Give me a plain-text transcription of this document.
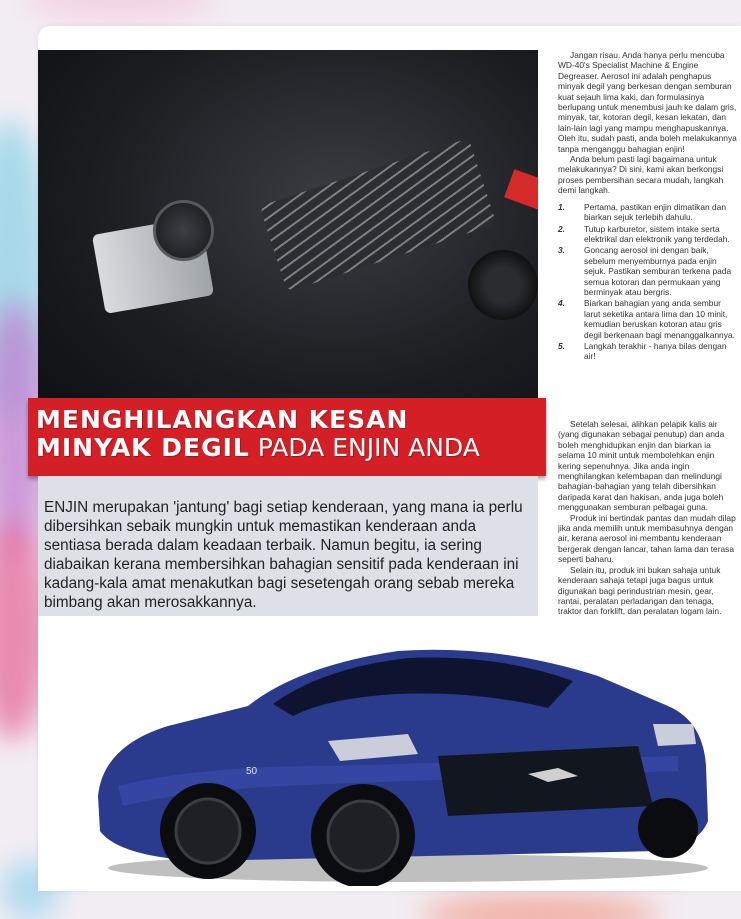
Jangan risau. Anda hanya perlu mencuba WD-40's Specialist Machine & Engine Degreaser. Aerosol ini adalah penghapus minyak degil yang berkesan dengan semburan kuat sejauh lima kaki, dan formulasinya berlupang untuk menembusi jauh ke dalam gris, minyak, tar, kotoran degil, kesan lekatan, dan lain-lain lagi yang mampu menghapuskannya. Oleh itu, sudah pasti, anda boleh melakukannya tanpa menganggu bahagian enjin!

Anda belum pasti lagi bagaimana untuk melakukannya? Di sini, kami akan berkongsi proses pembersihan secara mudah, langkah demi langkah.

1.	Pertama, pastikan enjin dimatikan dan biarkan sejuk terlebih dahulu.
2.	Tutup karburetor, sistem intake serta elektrikal dan elektronik yang terdedah.
3.	Goncang aerosol ini dengan baik, sebelum menyemburnya pada enjin sejuk. Pastikan semburan terkena pada semua kotoran dan permukaan yang berminyak atau bergris.
4.	Biarkan bahagian yang anda sembur larut seketika antara lima dan 10 minit, kemudian beruskan kotoran atau gris degil berkenaan bagi menanggalkannya.
5.	Langkah terakhir - hanya bilas dengan air!

Setelah selesai, alihkan pelapik kalis air (yang digunakan sebagai penutup) dan anda boleh menghidupkan enjin dan biarkan ia selama 10 minit untuk membolehkan enjin kering sepenuhnya. Jika anda ingin menghilangkan kelembapan dan melindungi bahagian-bahagian yang telah dibersihkan daripada karat dan hakisan, anda juga boleh menggunakan semburan pelbagai guna.

Produk ini bertindak pantas dan mudah dilap jika anda memilih untuk membasuhnya dengan air, kerana aerosol ini membantu kenderaan bergerak dengan lancar, tahan lama dan terasa seperti baharu.

Selain itu, produk ini bukan sahaja untuk kenderaan sahaja tetapi juga bagus untuk digunakan bagi perindustrian mesin, gear, rantai, peralatan perladangan dan tenaga, traktor dan forklift, dan peralatan logam lain.

MENGHILANGKAN KESAN
MINYAK DEGIL PADA ENJIN ANDA

ENJIN merupakan 'jantung' bagi setiap kenderaan, yang mana ia perlu dibersihkan sebaik mungkin untuk memastikan kenderaan anda sentiasa berada dalam keadaan terbaik. Namun begitu, ia sering diabaikan kerana membersihkan bahagian sensitif pada kenderaan ini kadang-kala amat menakutkan bagi sesetengah orang sebab mereka bimbang akan merosakkannya.

50
